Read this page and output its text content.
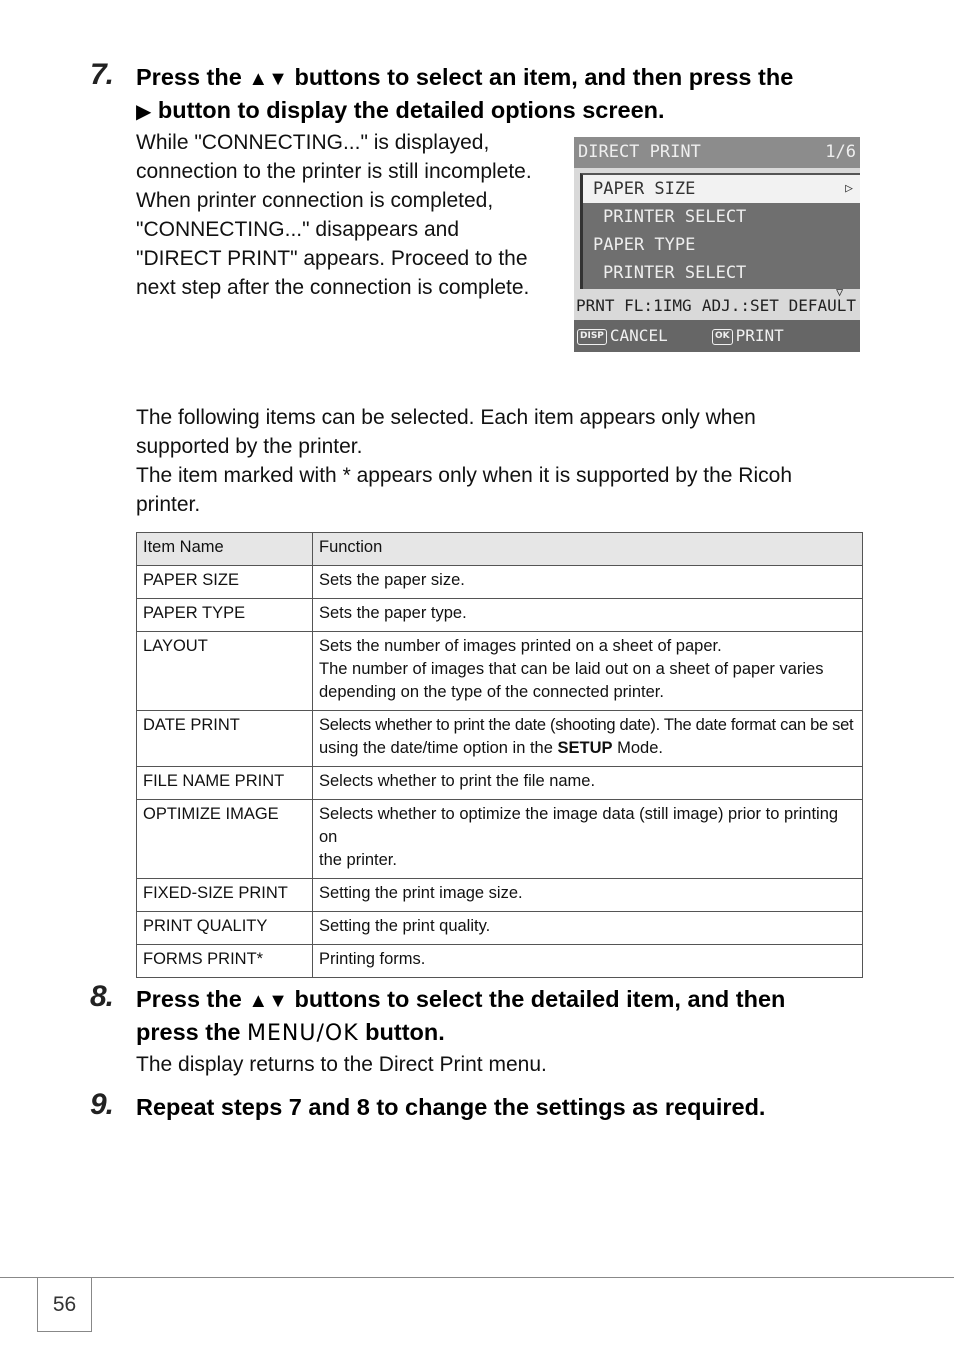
7. Press the ▲▼ buttons to select an item, and then press the
▶ button to display the detailed options screen.

While "CONNECTING..." is displayed,

connection to the printer is still incomplete.

When printer connection is completed,

"CONNECTING..." disappears and

"DIRECT PRINT" appears. Proceed to the

next step after the connection is complete.

DIRECT PRINT	1/6
PAPER SIZE	▷
PRINTER SELECT
PAPER TYPE
PRINTER SELECT
▽
PRNT FL:1IMG ADJ.:SET DEFAULT
DISP CANCEL	OK PRINT

The following items can be selected. Each item appears only when

supported by the printer.

The item marked with * appears only when it is supported by the Ricoh

printer.

Item Name	Function
PAPER SIZE	Sets the paper size.
PAPER TYPE	Sets the paper type.
LAYOUT	Sets the number of images printed on a sheet of paper.
The number of images that can be laid out on a sheet of paper varies
depending on the type of the connected printer.
DATE PRINT	Selects whether to print the date (shooting date). The date format can be set
using the date/time option in the SETUP Mode.
FILE NAME PRINT	Selects whether to print the file name.
OPTIMIZE IMAGE	Selects whether to optimize the image data (still image) prior to printing on
the printer.
FIXED-SIZE PRINT	Setting the print image size.
PRINT QUALITY	Setting the print quality.
FORMS PRINT*	Printing forms.
8. Press the ▲▼ buttons to select the detailed item, and then
press the MENU/OK button.
The display returns to the Direct Print menu.
9. Repeat steps 7 and 8 to change the settings as required.
56
